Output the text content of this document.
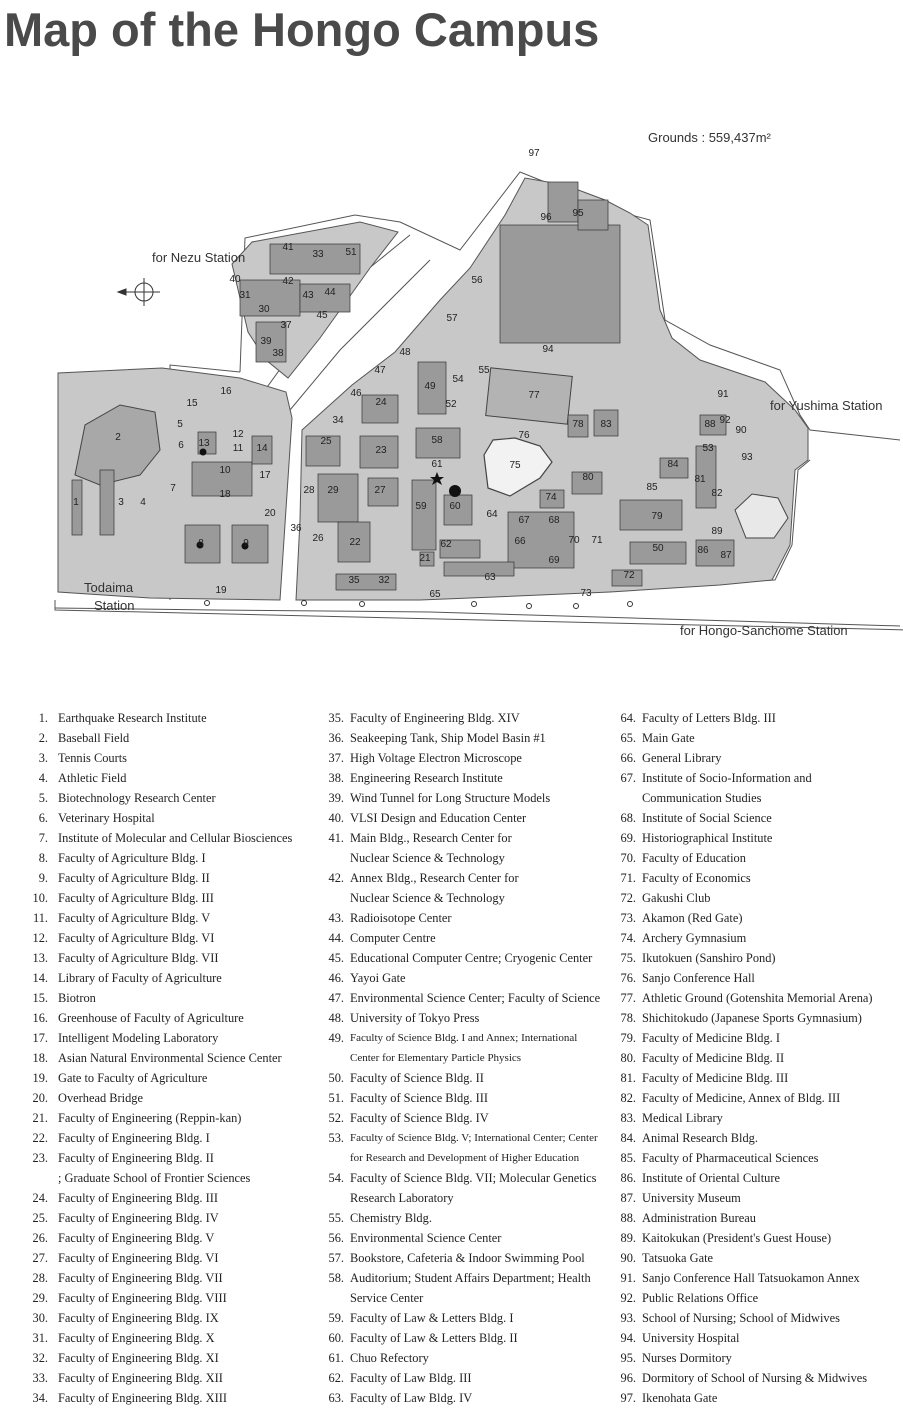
Map of the Hongo Campus
1
2
3 4
5
6
7
8	9
10
11
12
13	14
15
16
17
18
19
20
21
22
23
24
25
26
27
28 29
30
31
32
33
34
35
36
37
38
39
40
41
42
43 44
45
46
47
48
49
50
51
52
53
54
55
56
57
58
59 60
61
62
63
64
65
66
67 68
69
70 71
72
73
74
75
76
77
78
79
80	81
82
83
84
85
86 87
88
89
90
91
92
93
94
95
96
97
Grounds : 559,437m²
for Nezu Station
for Yushima Station
Todaima
Station
for Hongo-Sanchome Station
1. Earthquake Research Institute
2. Baseball Field
3. Tennis Courts
4. Athletic Field
5. Biotechnology Research Center
6. Veterinary Hospital
7. Institute of Molecular and Cellular Biosciences
8. Faculty of Agriculture Bldg. I
9. Faculty of Agriculture Bldg. II
10. Faculty of Agriculture Bldg. III
11. Faculty of Agriculture Bldg. V
12. Faculty of Agriculture Bldg. VI
13. Faculty of Agriculture Bldg. VII
14. Library of Faculty of Agriculture
15. Biotron
16. Greenhouse of Faculty of Agriculture
17. Intelligent Modeling Laboratory
18. Asian Natural Environmental Science Center
19. Gate to Faculty of Agriculture
20. Overhead Bridge
21. Faculty of Engineering (Reppin-kan)
22. Faculty of Engineering Bldg. I
23. Faculty of Engineering Bldg. II
; Graduate School of Frontier Sciences
24. Faculty of Engineering Bldg. III
25. Faculty of Engineering Bldg. IV
26. Faculty of Engineering Bldg. V
27. Faculty of Engineering Bldg. VI
28. Faculty of Engineering Bldg. VII
29. Faculty of Engineering Bldg. VIII
30. Faculty of Engineering Bldg. IX
31. Faculty of Engineering Bldg. X
32. Faculty of Engineering Bldg. XI
33. Faculty of Engineering Bldg. XII
34. Faculty of Engineering Bldg. XIII
35. Faculty of Engineering Bldg. XIV
36. Seakeeping Tank, Ship Model Basin #1
37. High Voltage Electron Microscope
38. Engineering Research Institute
39. Wind Tunnel for Long Structure Models
40. VLSI Design and Education Center
41. Main Bldg., Research Center for
Nuclear Science & Technology
42. Annex Bldg., Research Center for
Nuclear Science & Technology
43. Radioisotope Center
44. Computer Centre
45. Educational Computer Centre; Cryogenic Center
46. Yayoi Gate
47. Environmental Science Center; Faculty of Science
48. University of Tokyo Press
49. Faculty of Science Bldg. I and Annex; International
Center for Elementary Particle Physics
50. Faculty of Science Bldg. II
51. Faculty of Science Bldg. III
52. Faculty of Science Bldg. IV
53. Faculty of Science Bldg. V; International Center; Center
for Research and Development of Higher Education
54. Faculty of Science Bldg. VII; Molecular Genetics
Research Laboratory
55. Chemistry Bldg.
56. Environmental Science Center
57. Bookstore, Cafeteria & Indoor Swimming Pool
58. Auditorium; Student Affairs Department; Health
Service Center
59. Faculty of Law & Letters Bldg. I
60. Faculty of Law & Letters Bldg. II
61. Chuo Refectory
62. Faculty of Law Bldg. III
63. Faculty of Law Bldg. IV
64. Faculty of Letters Bldg. III
65. Main Gate
66. General Library
67. Institute of Socio-Information and
Communication Studies
68. Institute of Social Science
69. Historiographical Institute
70. Faculty of Education
71. Faculty of Economics
72. Gakushi Club
73. Akamon (Red Gate)
74. Archery Gymnasium
75. Ikutokuen (Sanshiro Pond)
76. Sanjo Conference Hall
77. Athletic Ground (Gotenshita Memorial Arena)
78. Shichitokudo (Japanese Sports Gymnasium)
79. Faculty of Medicine Bldg. I
80. Faculty of Medicine Bldg. II
81. Faculty of Medicine Bldg. III
82. Faculty of Medicine, Annex of Bldg. III
83. Medical Library
84. Animal Research Bldg.
85. Faculty of Pharmaceutical Sciences
86. Institute of Oriental Culture
87. University Museum
88. Administration Bureau
89. Kaitokukan (President's Guest House)
90. Tatsuoka Gate
91. Sanjo Conference Hall Tatsuokamon Annex
92. Public Relations Office
93. School of Nursing; School of Midwives
94. University Hospital
95. Nurses Dormitory
96. Dormitory of School of Nursing & Midwives
97. Ikenohata Gate
